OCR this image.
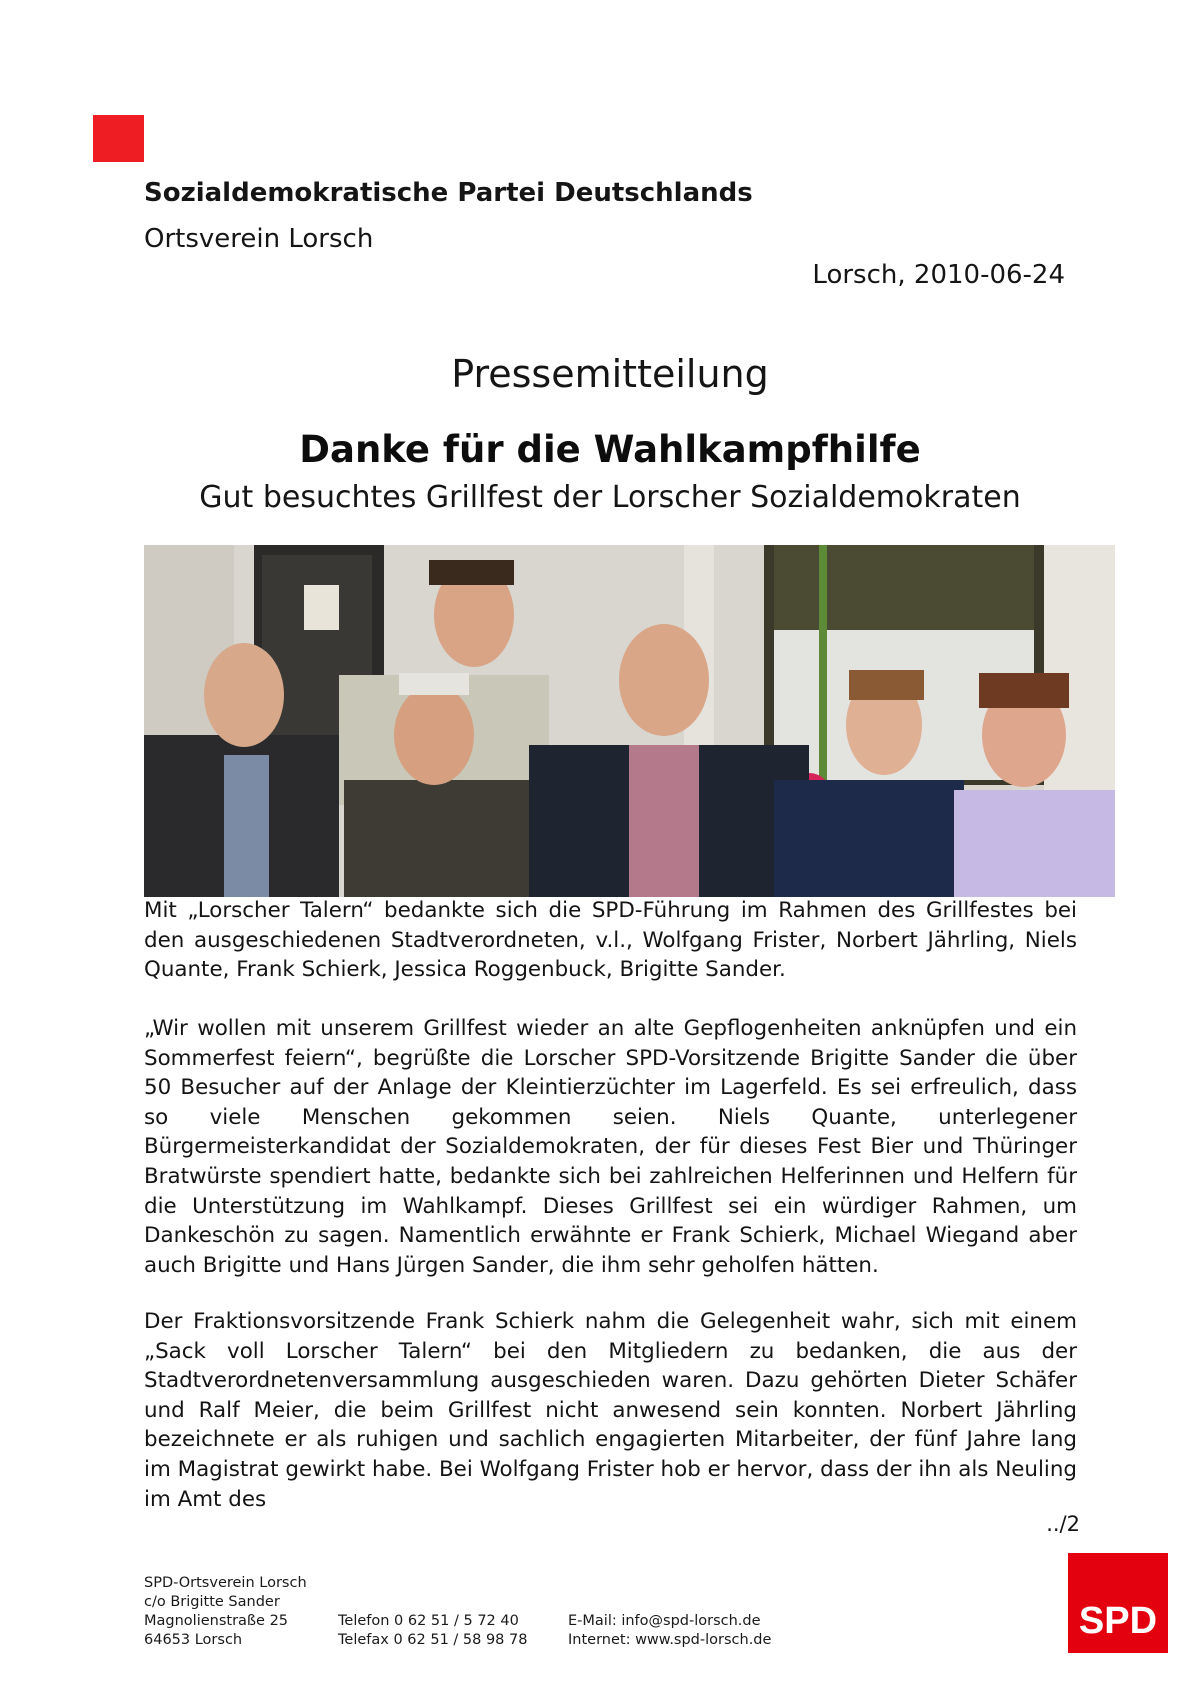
Sozialdemokratische Partei Deutschlands
Ortsverein Lorsch
Lorsch, 2010-06-24
Pressemitteilung
Danke für die Wahlkampfhilfe
Gut besuchtes Grillfest der Lorscher Sozialdemokraten
Mit „Lorscher Talern“ bedankte sich die SPD-Führung im Rahmen des Grillfestes bei den ausgeschiedenen Stadtverordneten, v.l., Wolfgang Frister, Norbert Jährling, Niels Quante, Frank Schierk, Jessica Roggenbuck, Brigitte Sander.
„Wir wollen mit unserem Grillfest wieder an alte Gepflogenheiten anknüpfen und ein Sommerfest feiern“, begrüßte die Lorscher SPD-Vorsitzende Brigitte Sander die über 50 Besucher auf der Anlage der Kleintierzüchter im Lagerfeld. Es sei erfreulich, dass so viele Menschen gekommen seien. Niels Quante, unterlegener Bürgermeisterkandidat der Sozialdemokraten, der für dieses Fest Bier und Thüringer Bratwürste spendiert hatte, bedankte sich bei zahlreichen Helferinnen und Helfern für die Unterstützung im Wahlkampf. Dieses Grillfest sei ein würdiger Rahmen, um Dankeschön zu sagen. Namentlich erwähnte er Frank Schierk, Michael Wiegand aber auch Brigitte und Hans Jürgen Sander, die ihm sehr geholfen hätten.
Der Fraktionsvorsitzende Frank Schierk nahm die Gelegenheit wahr, sich mit einem „Sack voll Lorscher Talern“ bei den Mitgliedern zu bedanken, die aus der Stadtverordnetenversammlung ausgeschieden waren. Dazu gehörten Dieter Schäfer und Ralf Meier, die beim Grillfest nicht anwesend sein konnten. Norbert Jährling bezeichnete er als ruhigen und sachlich engagierten Mitarbeiter, der fünf Jahre lang im Magistrat gewirkt habe. Bei Wolfgang Frister hob er hervor, dass der ihn als Neuling im Amt des
../2
SPD-Ortsverein Lorsch
c/o Brigitte Sander
Magnolienstraße 25
64653 Lorsch
Telefon 0 62 51 / 5 72 40
Telefax 0 62 51 / 58 98 78
E-Mail: info@spd-lorsch.de
Internet: www.spd-lorsch.de	SPD
